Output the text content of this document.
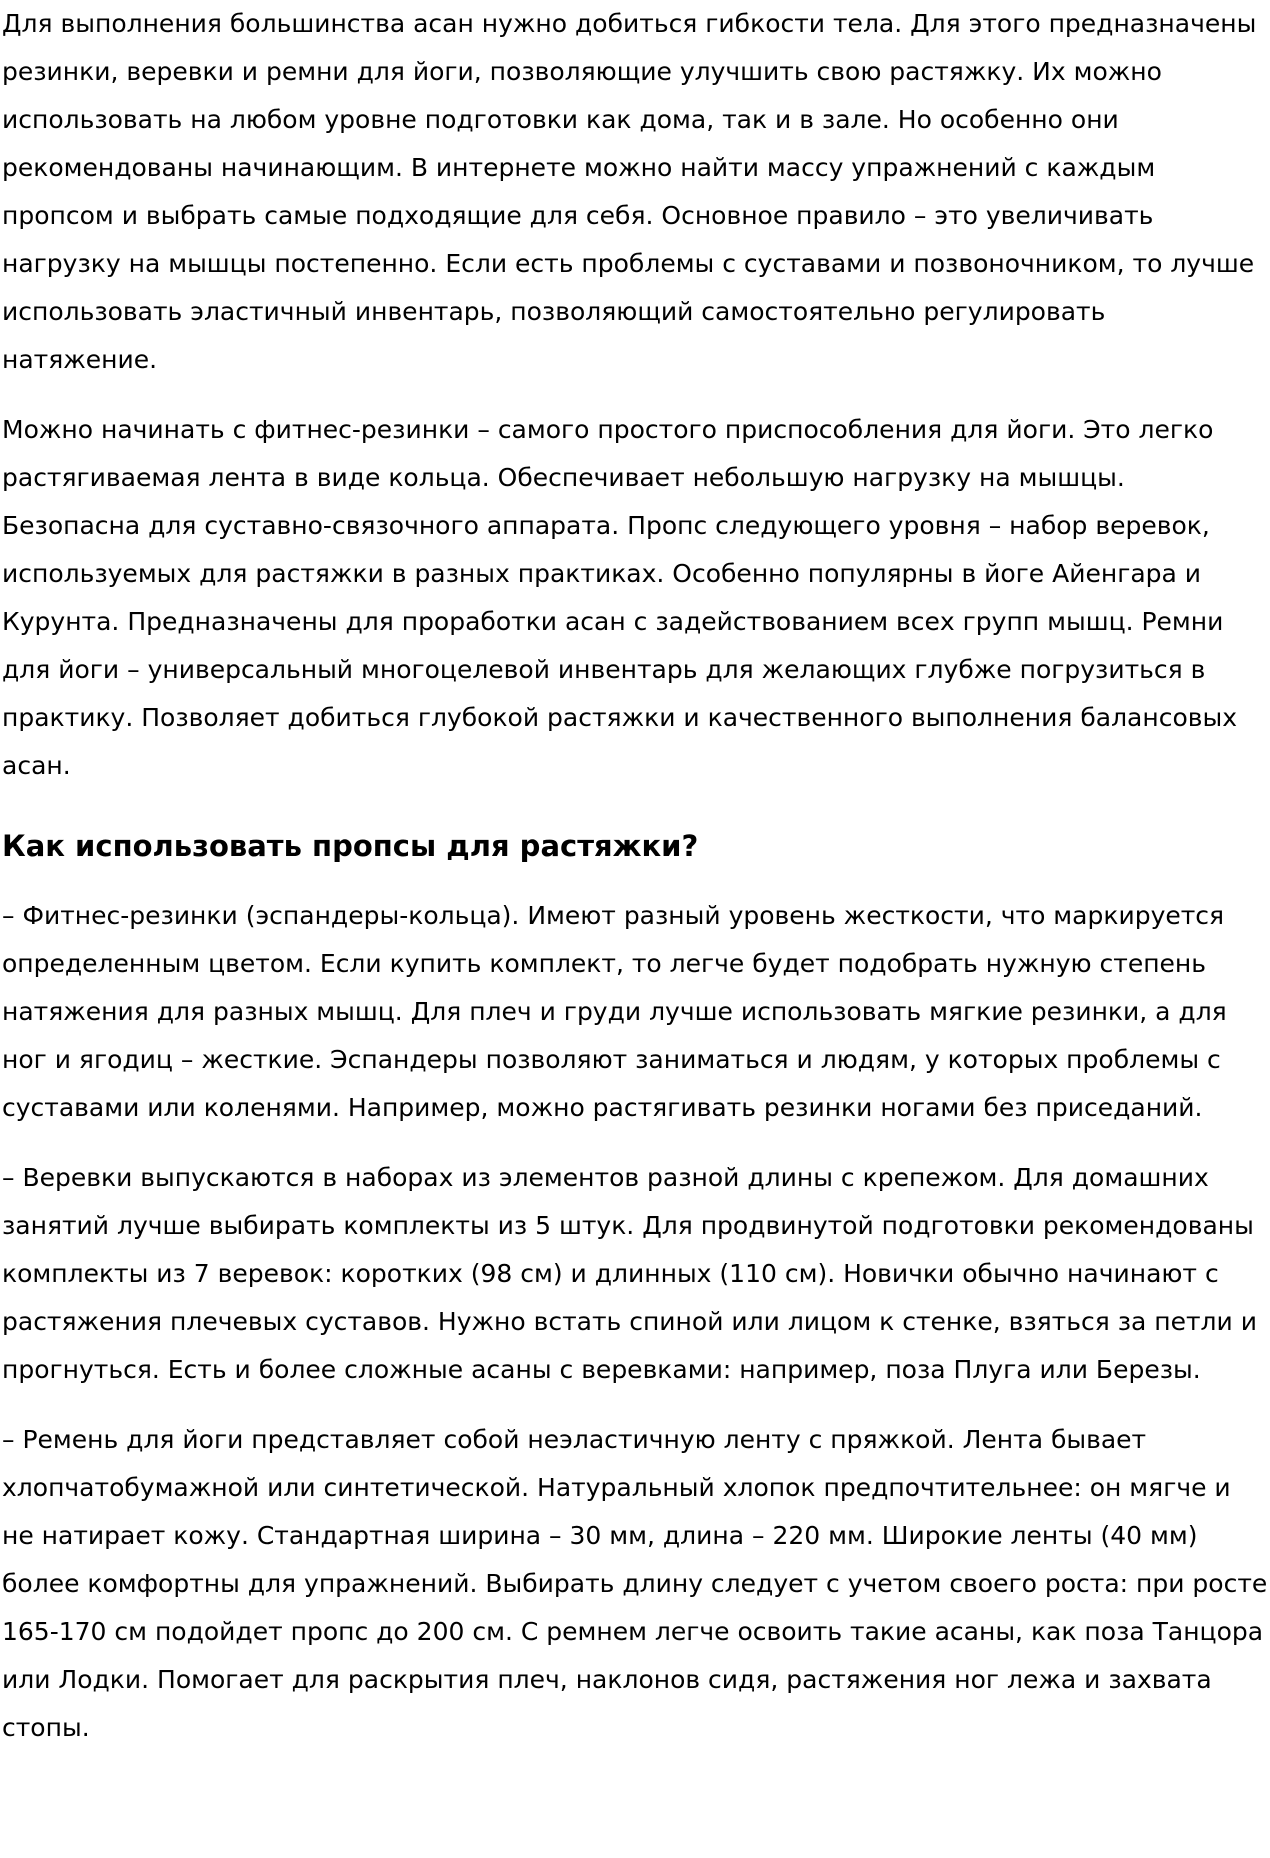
Для выполнения большинства асан нужно добиться гибкости тела. Для этого предназначены резинки, веревки и ремни для йоги, позволяющие улучшить свою растяжку. Их можно использовать на любом уровне подготовки как дома, так и в зале. Но особенно они рекомендованы начинающим. В интернете можно найти массу упражнений с каждым пропсом и выбрать самые подходящие для себя. Основное правило – это увеличивать нагрузку на мышцы постепенно. Если есть проблемы с суставами и позвоночником, то лучше использовать эластичный инвентарь, позволяющий самостоятельно регулировать натяжение.

Можно начинать с фитнес-резинки – самого простого приспособления для йоги. Это легко растягиваемая лента в виде кольца. Обеспечивает небольшую нагрузку на мышцы. Безопасна для суставно-связочного аппарата. Пропс следующего уровня – набор веревок, используемых для растяжки в разных практиках. Особенно популярны в йоге Айенгара и Курунта. Предназначены для проработки асан с задействованием всех групп мышц. Ремни для йоги – универсальный многоцелевой инвентарь для желающих глубже погрузиться в практику. Позволяет добиться глубокой растяжки и качественного выполнения балансовых асан.

Как использовать пропсы для растяжки?

– Фитнес-резинки (эспандеры-кольца). Имеют разный уровень жесткости, что маркируется определенным цветом. Если купить комплект, то легче будет подобрать нужную степень натяжения для разных мышц. Для плеч и груди лучше использовать мягкие резинки, а для ног и ягодиц – жесткие. Эспандеры позволяют заниматься и людям, у которых проблемы с суставами или коленями. Например, можно растягивать резинки ногами без приседаний.

– Веревки выпускаются в наборах из элементов разной длины с крепежом. Для домашних занятий лучше выбирать комплекты из 5 штук. Для продвинутой подготовки рекомендованы комплекты из 7 веревок: коротких (98 см) и длинных (110 см). Новички обычно начинают с растяжения плечевых суставов. Нужно встать спиной или лицом к стенке, взяться за петли и прогнуться. Есть и более сложные асаны с веревками: например, поза Плуга или Березы.

– Ремень для йоги представляет собой неэластичную ленту с пряжкой. Лента бывает хлопчатобумажной или синтетической. Натуральный хлопок предпочтительнее: он мягче и не натирает кожу. Стандартная ширина – 30 мм, длина – 220 мм. Широкие ленты (40 мм) более комфортны для упражнений. Выбирать длину следует с учетом своего роста: при росте 165-170 см подойдет пропс до 200 см. С ремнем легче освоить такие асаны, как поза Танцора или Лодки. Помогает для раскрытия плеч, наклонов сидя, растяжения ног лежа и захвата стопы.
